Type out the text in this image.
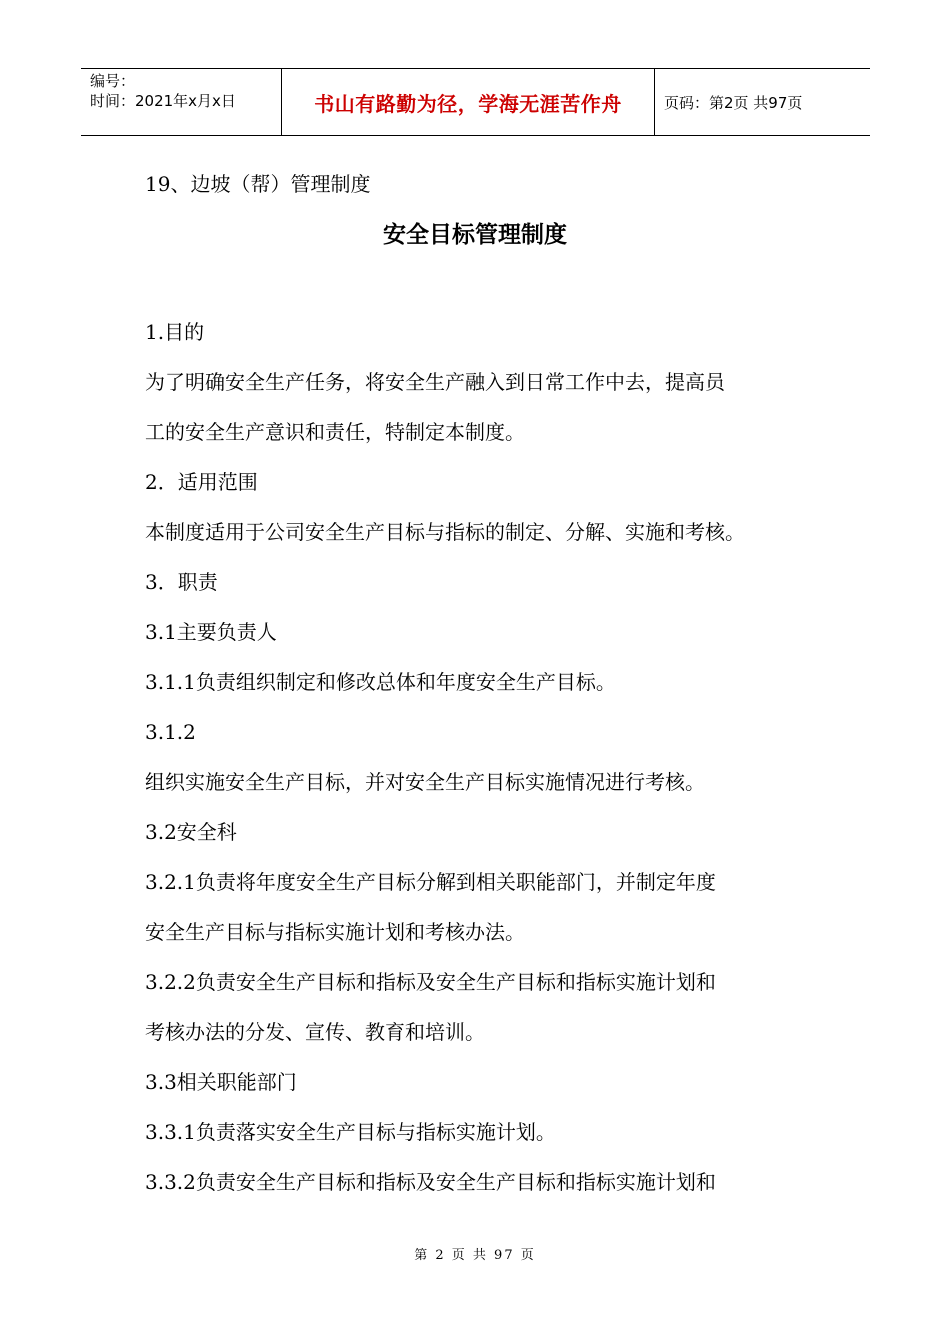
编号：
时间：2021年x月x日	书山有路勤为径，学海无涯苦作舟	页码：第2页 共97页
19、边坡（帮）管理制度
安全目标管理制度
1.目的
为了明确安全生产任务，将安全生产融入到日常工作中去，提高员
工的安全生产意识和责任，特制定本制度。
2．适用范围
本制度适用于公司安全生产目标与指标的制定、分解、实施和考核。
3．职责
3.1主要负责人
3.1.1负责组织制定和修改总体和年度安全生产目标。
3.1.2
组织实施安全生产目标，并对安全生产目标实施情况进行考核。
3.2安全科
3.2.1负责将年度安全生产目标分解到相关职能部门，并制定年度
安全生产目标与指标实施计划和考核办法。
3.2.2负责安全生产目标和指标及安全生产目标和指标实施计划和
考核办法的分发、宣传、教育和培训。
3.3相关职能部门
3.3.1负责落实安全生产目标与指标实施计划。
3.3.2负责安全生产目标和指标及安全生产目标和指标实施计划和
第 2 页 共 97 页
